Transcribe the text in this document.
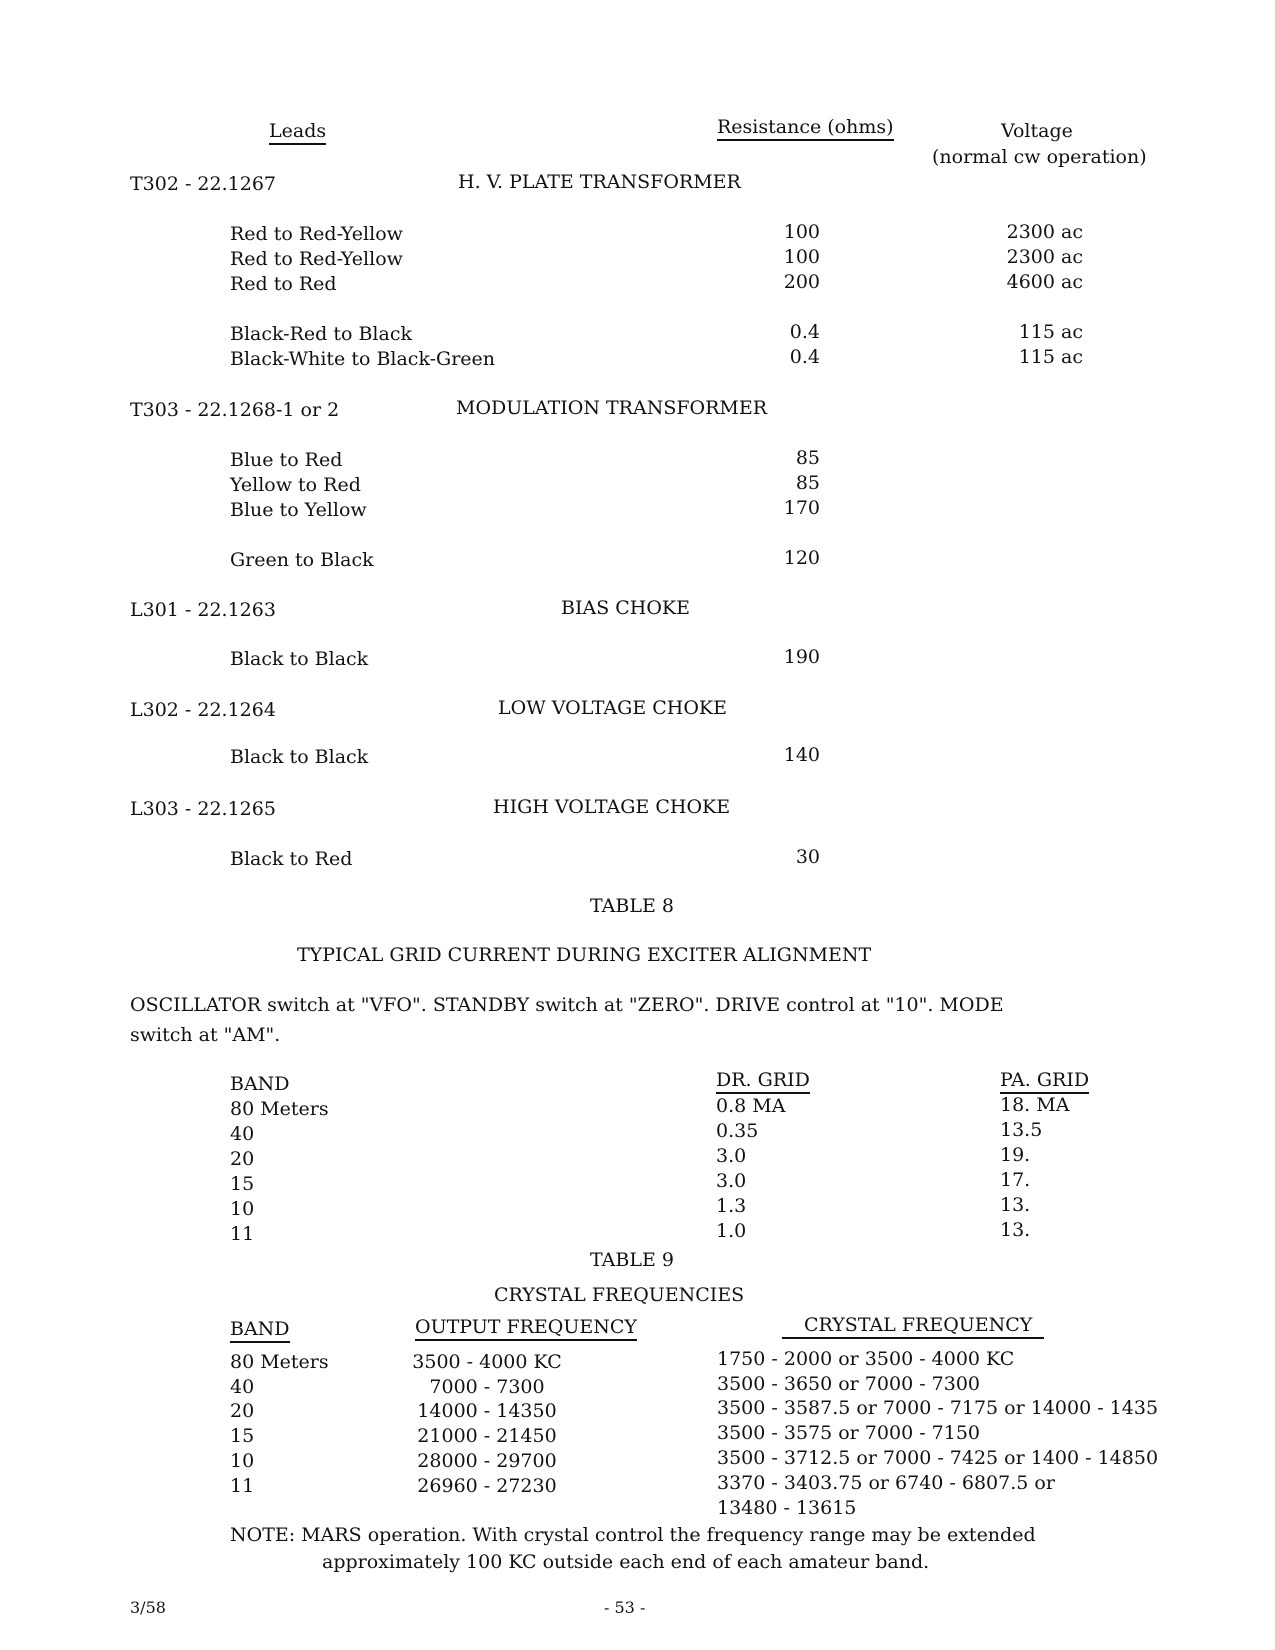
Leads	Resistance (ohms)	Voltage
(normal cw operation)
T302 - 22.1267	H. V. PLATE TRANSFORMER
Red to Red-Yellow	100	2300 ac
Red to Red-Yellow	100	2300 ac
Red to Red	200	4600 ac
Black-Red to Black	0.4	115 ac
Black-White to Black-Green	0.4	115 ac
T303 - 22.1268-1 or 2	MODULATION TRANSFORMER
Blue to Red	85
Yellow to Red	85
Blue to Yellow	170
Green to Black	120
L301 - 22.1263	BIAS CHOKE
Black to Black	190
L302 - 22.1264	LOW VOLTAGE CHOKE
Black to Black	140
L303 - 22.1265	HIGH VOLTAGE CHOKE
Black to Red	30
TABLE 8
TYPICAL GRID CURRENT DURING EXCITER ALIGNMENT
OSCILLATOR switch at "VFO". STANDBY switch at "ZERO". DRIVE control at "10". MODE
switch at "AM".
BAND	DR. GRID	PA. GRID
80 Meters	0.8 MA	18. MA
40	0.35	13.5
20	3.0	19.
15	3.0	17.
10	1.3	13.
11	1.0	13.
TABLE 9
CRYSTAL FREQUENCIES
BAND	OUTPUT FREQUENCY	CRYSTAL FREQUENCY
80 Meters	3500 - 4000 KC	1750 - 2000 or 3500 - 4000 KC
40	7000 - 7300	3500 - 3650 or 7000 - 7300
20	14000 - 14350	3500 - 3587.5 or 7000 - 7175 or 14000 - 1435
15	21000 - 21450	3500 - 3575 or 7000 - 7150
10	28000 - 29700	3500 - 3712.5 or 7000 - 7425 or 1400 - 14850
11	26960 - 27230	3370 - 3403.75 or 6740 - 6807.5 or
13480 - 13615
NOTE: MARS operation. With crystal control the frequency range may be extended
approximately 100 KC outside each end of each amateur band.
3/58	- 53 -
